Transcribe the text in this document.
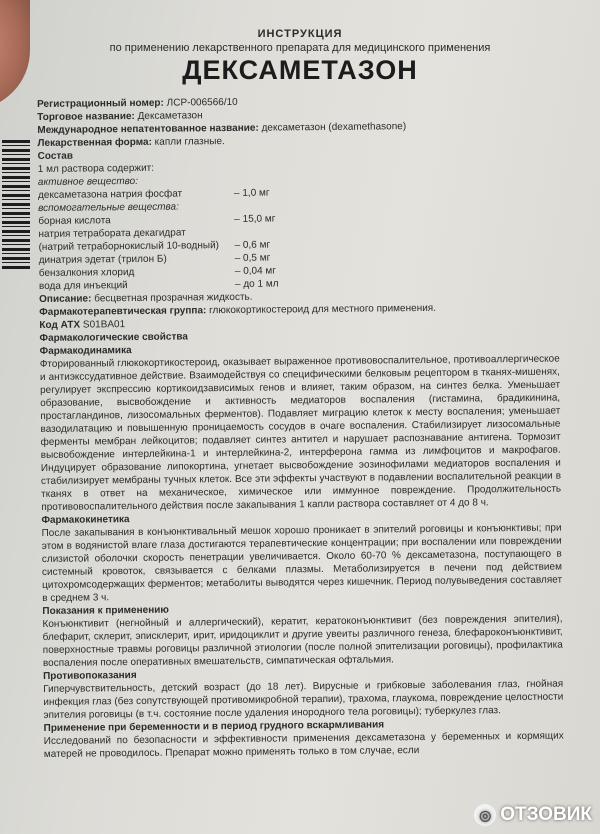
ИНСТРУКЦИЯ
по применению лекарственного препарата для медицинского применения
ДЕКСАМЕТАЗОН
Регистрационный номер: ЛСР-006566/10
Торговое название: Дексаметазон
Международное непатентованное название: дексаметазон (dexamethasone)
Лекарственная форма: капли глазные.
Состав
1 мл раствора содержит:
активное вещество:
дексаметазона натрия фосфат	– 1,0 мг
вспомогательные вещества:
борная кислота	– 15,0 мг
натрия тетрабората декагидрат
(натрий тетраборнокислый 10-водный) – 0,6 мг
динатрия эдетат (трилон Б)	– 0,5 мг
бензалкония хлорид	– 0,04 мг
вода для инъекций	– до 1 мл
Описание: бесцветная прозрачная жидкость.
Фармакотерапевтическая группа: глюкокортикостероид для местного применения.
Код АТХ S01BA01
Фармакологические свойства
Фармакодинамика

Фторированный глюкокортикостероид, оказывает выраженное противовоспалительное, противоаллергическое и антиэкссудативное действие. Взаимодействуя со специфическими белковым рецептором в тканях-мишенях, регулирует экспрессию кортикоидзависимых генов и влияет, таким образом, на синтез белка. Уменьшает образование, высвобождение и активность медиаторов воспаления (гистамина, брадикинина, простагландинов, лизосомальных ферментов). Подавляет миграцию клеток к месту воспаления; уменьшает вазодилатацию и повышенную проницаемость сосудов в очаге воспаления. Стабилизирует лизосомальные ферменты мембран лейкоцитов; подавляет синтез антител и нарушает распознавание антигена. Тормозит высвобождение интерлейкина-1 и интерлейкина-2, интерферона гамма из лимфоцитов и макрофагов. Индуцирует образование липокортина, угнетает высвобождение эозинофилами медиаторов воспаления и стабилизирует мембраны тучных клеток. Все эти эффекты участвуют в подавлении воспалительной реакции в тканях в ответ на механическое, химическое или иммунное повреждение. Продолжительность противовоспалительного действия после закапывания 1 капли раствора составляет от 4 до 8 ч.

Фармакокинетика

После закапывания в конъюнктивальный мешок хорошо проникает в эпителий роговицы и конъюнктивы; при этом в водянистой влаге глаза достигаются терапевтические концентрации; при воспалении или повреждении слизистой оболочки скорость пенетрации увеличивается. Около 60-70 % дексаметазона, поступающего в системный кровоток, связывается с белками плазмы. Метаболизируется в печени под действием цитохромсодержащих ферментов; метаболиты выводятся через кишечник. Период полувыведения составляет в среднем 3 ч.

Показания к применению

Конъюнктивит (негнойный и аллергический), кератит, кератоконъюнктивит (без повреждения эпителия), блефарит, склерит, эписклерит, ирит, иридоциклит и другие увеиты различного генеза, блефароконъюнктивит, поверхностные травмы роговицы различной этиологии (после полной эпителизации роговицы), профилактика воспаления после оперативных вмешательств, симпатическая офтальмия.

Противопоказания

Гиперчувствительность, детский возраст (до 18 лет). Вирусные и грибковые заболевания глаз, гнойная инфекция глаз (без сопутствующей противомикробной терапии), трахома, глаукома, повреждение целостности эпителия роговицы (в т.ч. состояние после удаления инородного тела роговицы); туберкулез глаз.

Применение при беременности и в период грудного вскармливания

Исследований по безопасности и эффективности применения дексаметазона у беременных и кормящих матерей не проводилось. Препарат можно применять только в том случае, если

◎ ОТЗОВИК
